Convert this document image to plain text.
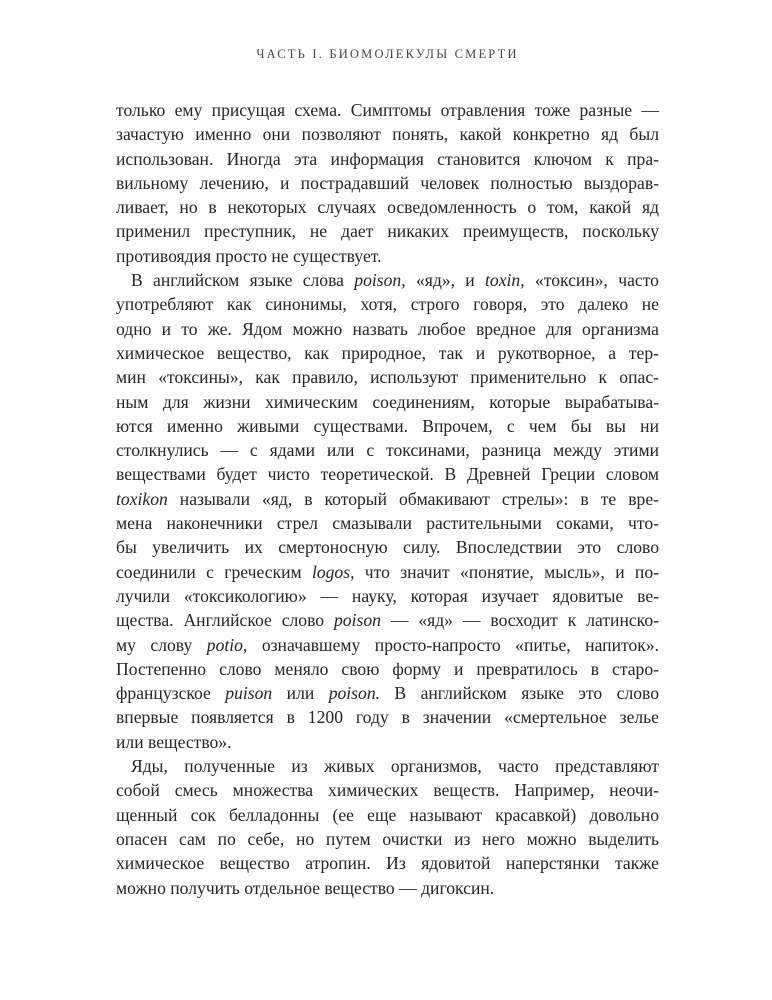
ЧАСТЬ I. БИОМОЛЕКУЛЫ СМЕРТИ
только ему присущая схема. Симптомы отравления тоже разные —
зачастую именно они позволяют понять, какой конкретно яд был
использован. Иногда эта информация становится ключом к пра-
вильному лечению, и пострадавший человек полностью выздорав-
ливает, но в некоторых случаях осведомленность о том, какой яд
применил преступник, не дает никаких преимуществ, поскольку
противоядия просто не существует.
В английском языке слова poison, «яд», и toxin, «токсин», часто
употребляют как синонимы, хотя, строго говоря, это далеко не
одно и то же. Ядом можно назвать любое вредное для организма
химическое вещество, как природное, так и рукотворное, а тер-
мин «токсины», как правило, используют применительно к опас-
ным для жизни химическим соединениям, которые вырабатыва-
ются именно живыми существами. Впрочем, с чем бы вы ни
столкнулись — с ядами или с токсинами, разница между этими
веществами будет чисто теоретической. В Древней Греции словом
toxikon называли «яд, в который обмакивают стрелы»: в те вре-
мена наконечники стрел смазывали растительными соками, что-
бы увеличить их смертоносную силу. Впоследствии это слово
соединили с греческим logos, что значит «понятие, мысль», и по-
лучили «токсикологию» — науку, которая изучает ядовитые ве-
щества. Английское слово poison — «яд» — восходит к латинско-
му слову potio, означавшему просто-напросто «питье, напиток».
Постепенно слово меняло свою форму и превратилось в старо-
французское puison или poison. В английском языке это слово
впервые появляется в 1200 году в значении «смертельное зелье
или вещество».
Яды, полученные из живых организмов, часто представляют
собой смесь множества химических веществ. Например, неочи-
щенный сок белладонны (ее еще называют красавкой) довольно
опасен сам по себе, но путем очистки из него можно выделить
химическое вещество атропин. Из ядовитой наперстянки также
можно получить отдельное вещество — дигоксин.
